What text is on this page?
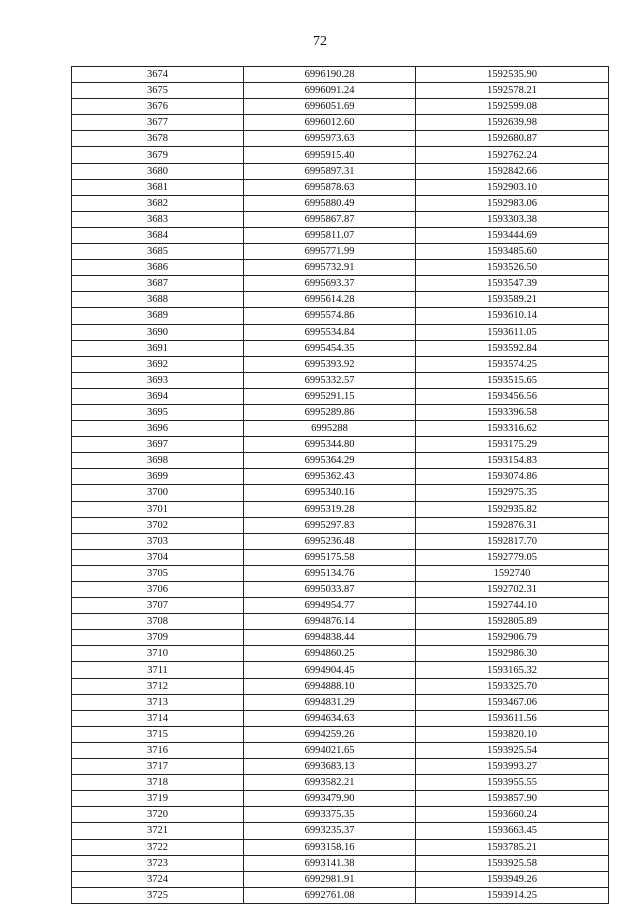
72
3674	6996190.28	1592535.90
3675	6996091.24	1592578.21
3676	6996051.69	1592599.08
3677	6996012.60	1592639.98
3678	6995973.63	1592680.87
3679	6995915.40	1592762.24
3680	6995897.31	1592842.66
3681	6995878.63	1592903.10
3682	6995880.49	1592983.06
3683	6995867.87	1593303.38
3684	6995811.07	1593444.69
3685	6995771.99	1593485.60
3686	6995732.91	1593526.50
3687	6995693.37	1593547.39
3688	6995614.28	1593589.21
3689	6995574.86	1593610.14
3690	6995534.84	1593611.05
3691	6995454.35	1593592.84
3692	6995393.92	1593574.25
3693	6995332.57	1593515.65
3694	6995291.15	1593456.56
3695	6995289.86	1593396.58
3696	6995288	1593316.62
3697	6995344.80	1593175.29
3698	6995364.29	1593154.83
3699	6995362.43	1593074.86
3700	6995340.16	1592975.35
3701	6995319.28	1592935.82
3702	6995297.83	1592876.31
3703	6995236.48	1592817.70
3704	6995175.58	1592779.05
3705	6995134.76	1592740
3706	6995033.87	1592702.31
3707	6994954.77	1592744.10
3708	6994876.14	1592805.89
3709	6994838.44	1592906.79
3710	6994860.25	1592986.30
3711	6994904.45	1593165.32
3712	6994888.10	1593325.70
3713	6994831.29	1593467.06
3714	6994634.63	1593611.56
3715	6994259.26	1593820.10
3716	6994021.65	1593925.54
3717	6993683.13	1593993.27
3718	6993582.21	1593955.55
3719	6993479.90	1593857.90
3720	6993375.35	1593660.24
3721	6993235.37	1593663.45
3722	6993158.16	1593785.21
3723	6993141.38	1593925.58
3724	6992981.91	1593949.26
3725	6992761.08	1593914.25
